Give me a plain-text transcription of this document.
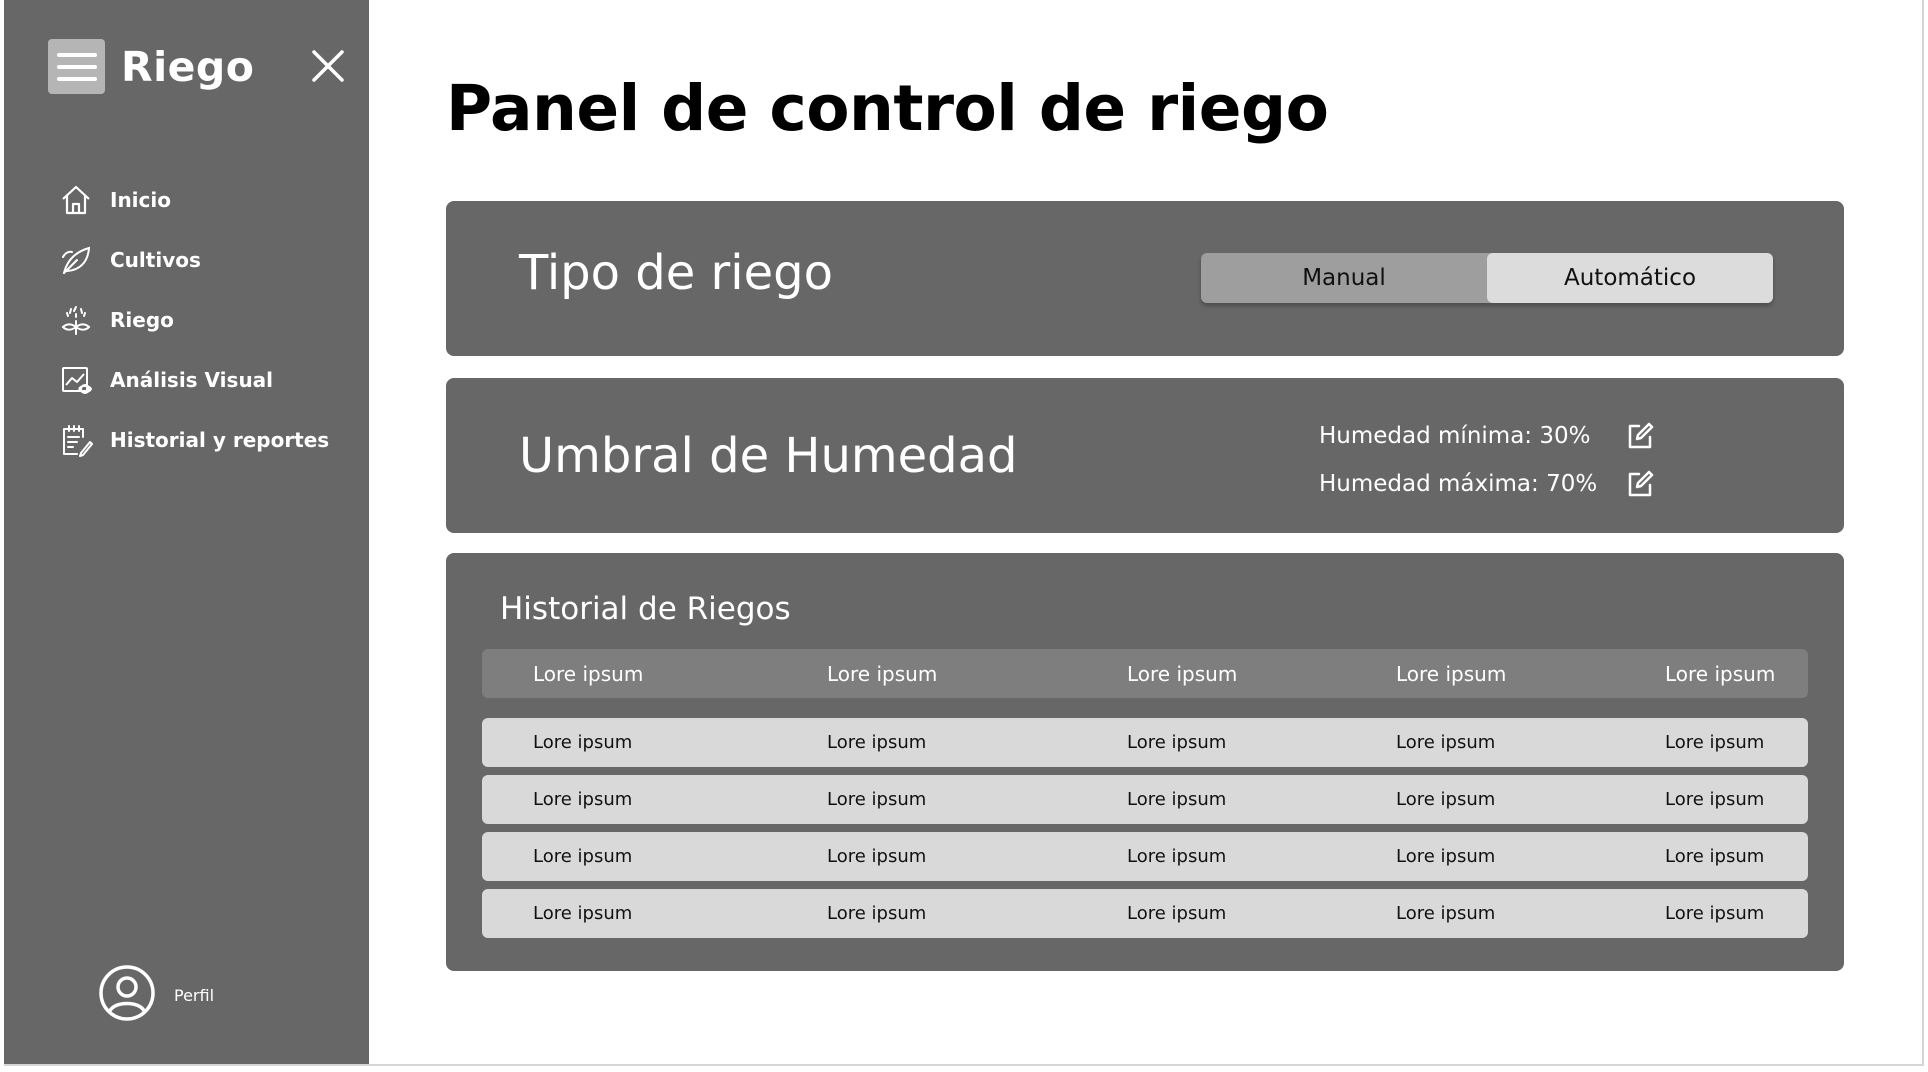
Riego
Inicio
Cultivos
Riego
Análisis Visual
Historial y reportes
Perfil
Panel de control de riego
Tipo de riego	Manual	Automático
Umbral de Humedad	Humedad mínima: 30%
Humedad máxima: 70%
Historial de Riegos
Lore ipsum	Lore ipsum	Lore ipsum	Lore ipsum	Lore ipsum
Lore ipsum	Lore ipsum	Lore ipsum	Lore ipsum	Lore ipsum
Lore ipsum	Lore ipsum	Lore ipsum	Lore ipsum	Lore ipsum
Lore ipsum	Lore ipsum	Lore ipsum	Lore ipsum	Lore ipsum
Lore ipsum	Lore ipsum	Lore ipsum	Lore ipsum	Lore ipsum
